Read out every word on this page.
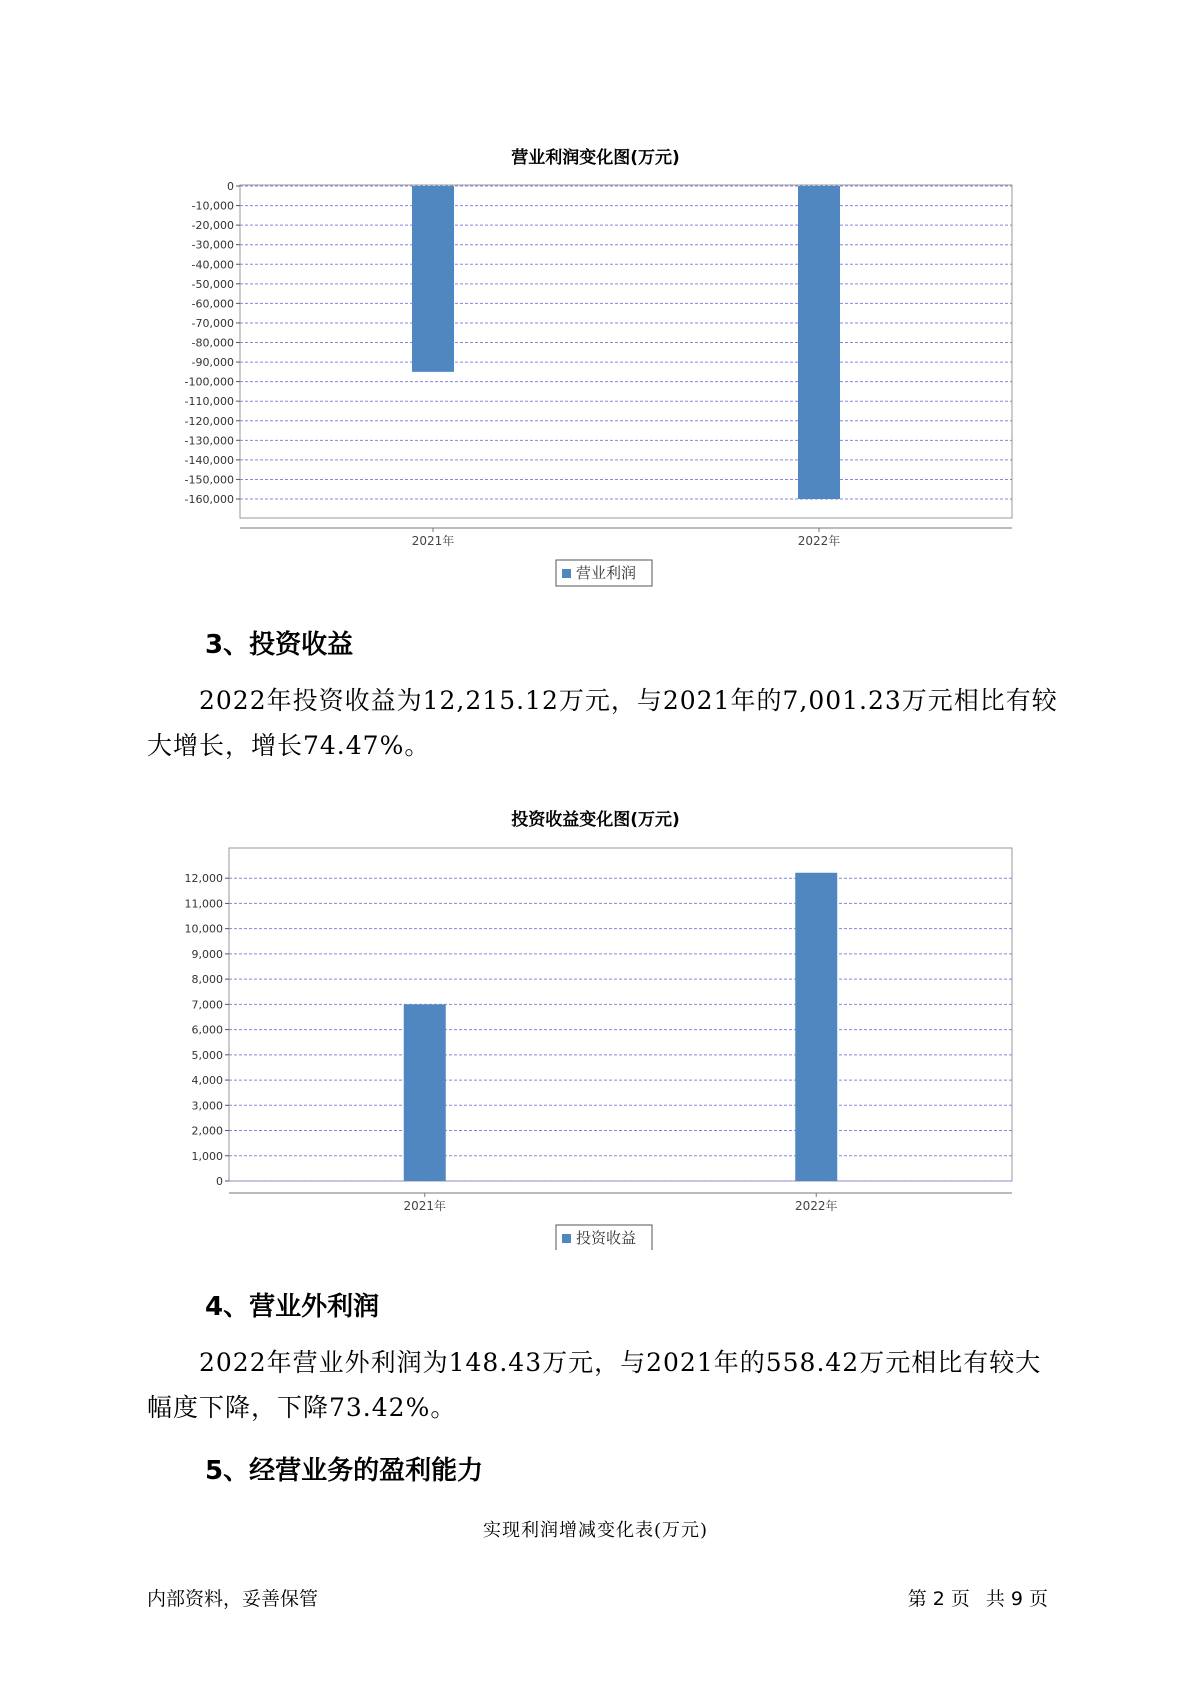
营业利润变化图(万元)
0
-10,000
-20,000
-30,000
-40,000
-50,000
-60,000
-70,000
-80,000
-90,000
-100,000
-110,000
-120,000
-130,000
-140,000
-150,000
-160,000
2021年	2022年
营业利润
3、投资收益
2022年投资收益为12,215.12万元，与2021年的7,001.23万元相比有较大增长，增长74.47%。
投资收益变化图(万元)
12,000
11,000
10,000
9,000
8,000
7,000
6,000
5,000
4,000
3,000
2,000
1,000
0
2021年	2022年
投资收益
4、营业外利润
2022年营业外利润为148.43万元，与2021年的558.42万元相比有较大幅度下降，下降73.42%。
5、经营业务的盈利能力
实现利润增减变化表(万元)
内部资料，妥善保管	第 2 页 共 9 页
